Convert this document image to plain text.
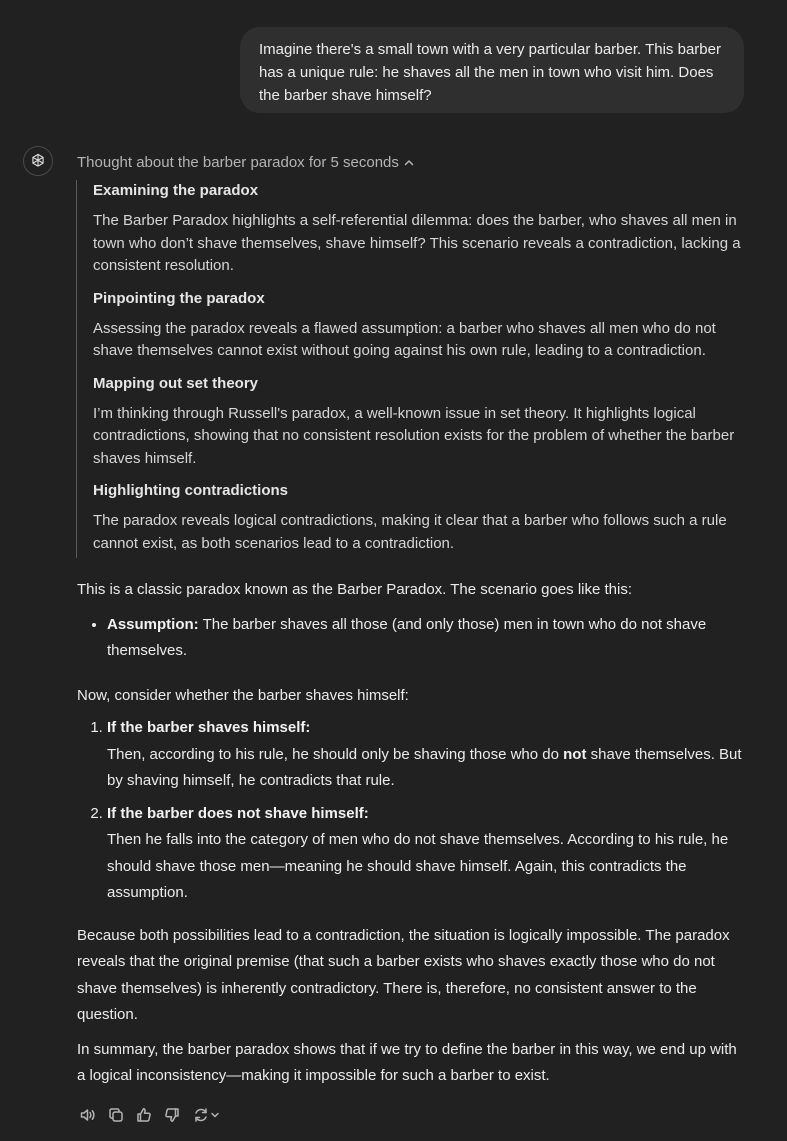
Imagine there's a small town with a very particular barber. This barber has a unique rule: he shaves all the men in town who visit him. Does the barber shave himself?
Thought about the barber paradox for 5 seconds
Examining the paradox

The Barber Paradox highlights a self-referential dilemma: does the barber, who shaves all men in town who don’t shave themselves, shave himself? This scenario reveals a contradiction, lacking a consistent resolution.

Pinpointing the paradox

Assessing the paradox reveals a flawed assumption: a barber who shaves all men who do not shave themselves cannot exist without going against his own rule, leading to a contradiction.

Mapping out set theory

I’m thinking through Russell's paradox, a well-known issue in set theory. It highlights logical contradictions, showing that no consistent resolution exists for the problem of whether the barber shaves himself.

Highlighting contradictions

The paradox reveals logical contradictions, making it clear that a barber who follows such a rule cannot exist, as both scenarios lead to a contradiction.

This is a classic paradox known as the Barber Paradox. The scenario goes like this:

• Assumption: The barber shaves all those (and only those) men in town who do not shave themselves.

Now, consider whether the barber shaves himself:

1. If the barber shaves himself:
Then, according to his rule, he should only be shaving those who do not shave themselves. But by shaving himself, he contradicts that rule.
2. If the barber does not shave himself:
Then he falls into the category of men who do not shave themselves. According to his rule, he should shave those men—meaning he should shave himself. Again, this contradicts the assumption.

Because both possibilities lead to a contradiction, the situation is logically impossible. The paradox reveals that the original premise (that such a barber exists who shaves exactly those who do not shave themselves) is inherently contradictory. There is, therefore, no consistent answer to the question.

In summary, the barber paradox shows that if we try to define the barber in this way, we end up with a logical inconsistency—making it impossible for such a barber to exist.
